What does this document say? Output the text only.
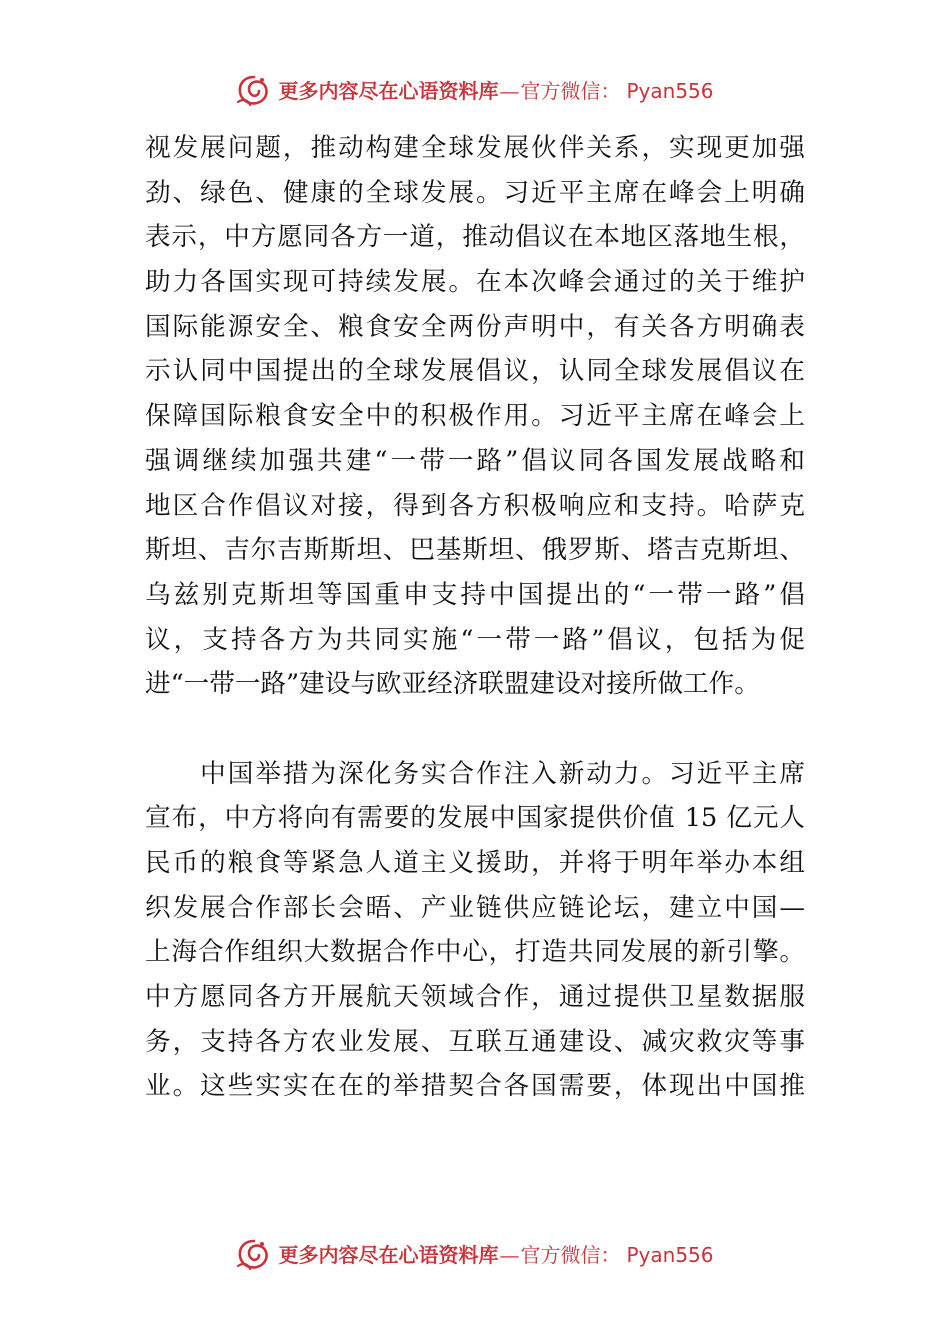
更多内容尽在心语资料库 — 官方微信： Pyan556
视发展问题，推动构建全球发展伙伴关系，实现更加强
劲、绿色、健康的全球发展。习近平主席在峰会上明确
表示，中方愿同各方一道，推动倡议在本地区落地生根，
助力各国实现可持续发展。在本次峰会通过的关于维护
国际能源安全、粮食安全两份声明中，有关各方明确表
示认同中国提出的全球发展倡议，认同全球发展倡议在
保障国际粮食安全中的积极作用。习近平主席在峰会上
强调继续加强共建“一带一路”倡议同各国发展战略和
地区合作倡议对接，得到各方积极响应和支持。哈萨克
斯坦、吉尔吉斯斯坦、巴基斯坦、俄罗斯、塔吉克斯坦、
乌兹别克斯坦等国重申支持中国提出的“一带一路”倡
议，支持各方为共同实施“一带一路”倡议，包括为促
进“一带一路”建设与欧亚经济联盟建设对接所做工作。
　　中国举措为深化务实合作注入新动力。习近平主席
宣布，中方将向有需要的发展中国家提供价值 15 亿元人
民币的粮食等紧急人道主义援助，并将于明年举办本组
织发展合作部长会晤、产业链供应链论坛，建立中国—
上海合作组织大数据合作中心，打造共同发展的新引擎。
中方愿同各方开展航天领域合作，通过提供卫星数据服
务，支持各方农业发展、互联互通建设、减灾救灾等事
业。这些实实在在的举措契合各国需要，体现出中国推
更多内容尽在心语资料库 — 官方微信： Pyan556
